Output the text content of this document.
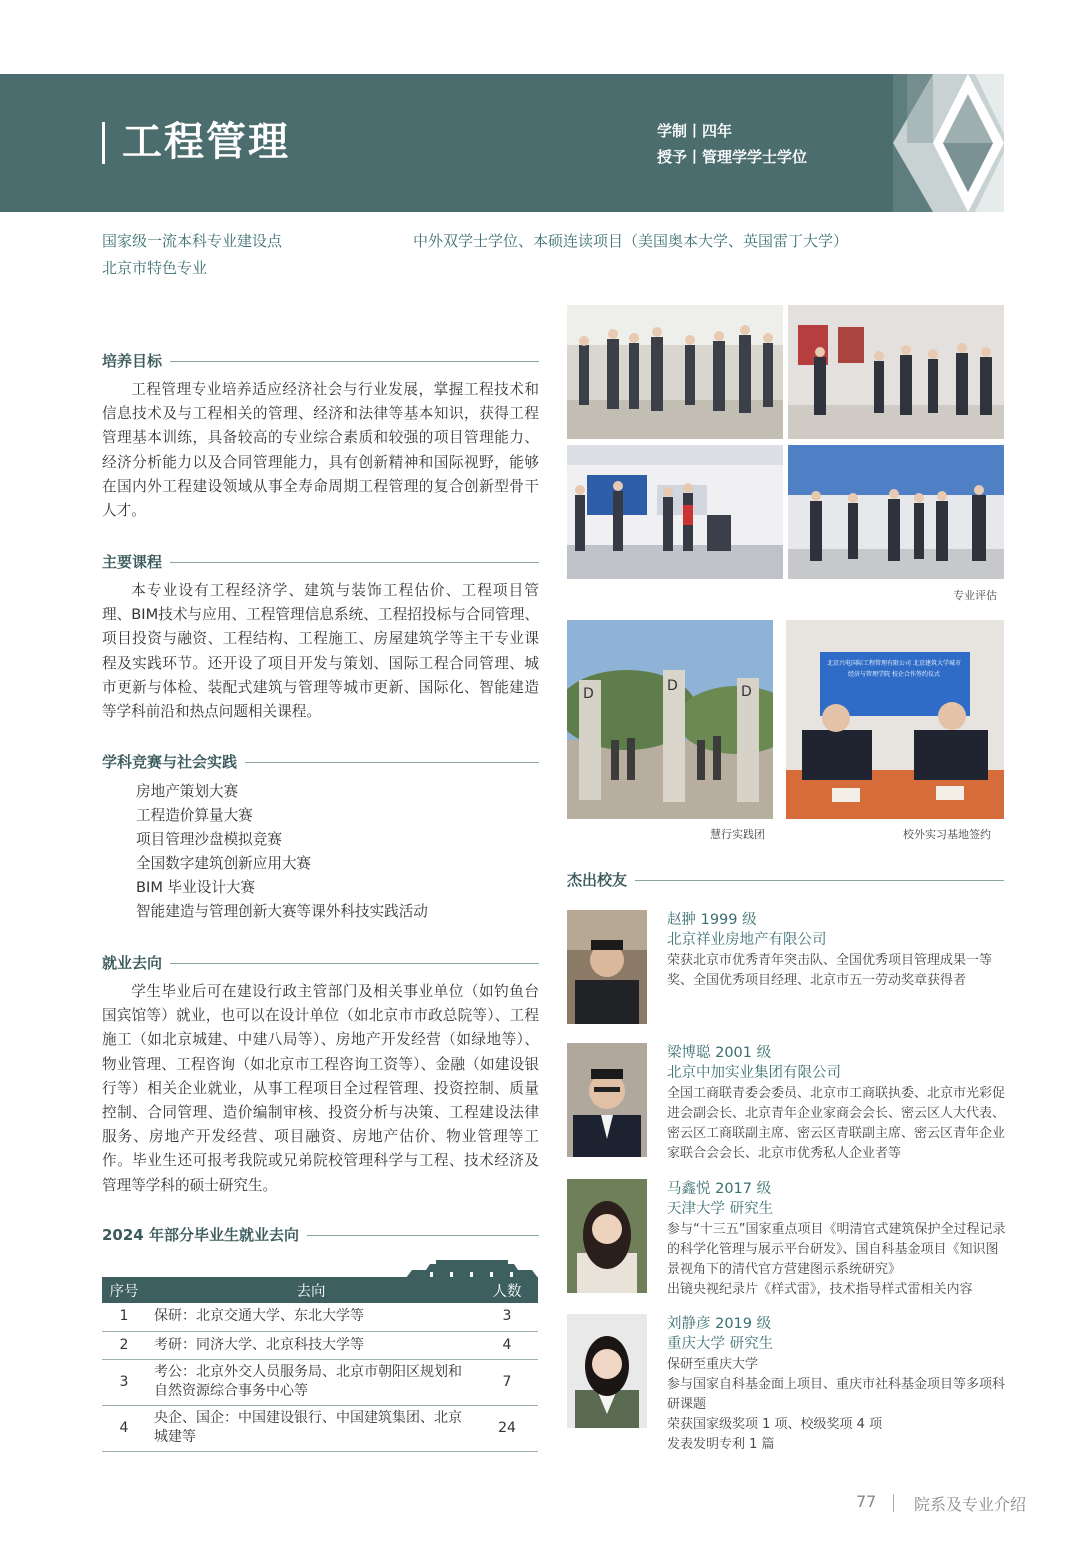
工程管理	学制丨四年
授予丨管理学学士学位
国家级一流本科专业建设点
北京市特色专业
中外双学士学位、本硕连读项目（美国奥本大学、英国雷丁大学）
培养目标

工程管理专业培养适应经济社会与行业发展，掌握工程技术和信息技术及与工程相关的管理、经济和法律等基本知识，获得工程管理基本训练，具备较高的专业综合素质和较强的项目管理能力、经济分析能力以及合同管理能力，具有创新精神和国际视野，能够在国内外工程建设领域从事全寿命周期工程管理的复合创新型骨干人才。

主要课程

本专业设有工程经济学、建筑与装饰工程估价、工程项目管理、BIM技术与应用、工程管理信息系统、工程招投标与合同管理、项目投资与融资、工程结构、工程施工、房屋建筑学等主干专业课程及实践环节。还开设了项目开发与策划、国际工程合同管理、城市更新与体检、装配式建筑与管理等城市更新、国际化、智能建造等学科前沿和热点问题相关课程。

学科竞赛与社会实践
房地产策划大赛
工程造价算量大赛
项目管理沙盘模拟竞赛
全国数字建筑创新应用大赛
BIM 毕业设计大赛
智能建造与管理创新大赛等课外科技实践活动
就业去向

学生毕业后可在建设行政主管部门及相关事业单位（如钓鱼台国宾馆等）就业，也可以在设计单位（如北京市市政总院等）、工程施工（如北京城建、中建八局等）、房地产开发经营（如绿地等）、物业管理、工程咨询（如北京市工程咨询工资等）、金融（如建设银行等）相关企业就业，从事工程项目全过程管理、投资控制、质量控制、合同管理、造价编制审核、投资分析与决策、工程建设法律服务、房地产开发经营、项目融资、房地产估价、物业管理等工作。毕业生还可报考我院或兄弟院校管理科学与工程、技术经济及管理等学科的硕士研究生。

2024 年部分毕业生就业去向
序号	去向	人数
1	保研：北京交通大学、东北大学等	3
2	考研：同济大学、北京科技大学等	4
3	考公：北京外交人员服务局、北京市朝阳区规划和自然资源综合事务中心等	7
4	央企、国企：中国建设银行、中国建筑集团、北京城建等	24
专业评估
D	D	D
北京兴电国际工程管理有限公司 北京建筑大学城市经济与管理学院 校企合作签约仪式
慧行实践团	校外实习基地签约
杰出校友
赵翀 1999 级
北京祥业房地产有限公司
荣获北京市优秀青年突击队、全国优秀项目管理成果一等奖、全国优秀项目经理、北京市五一劳动奖章获得者
梁博聪 2001 级
北京中加实业集团有限公司
全国工商联青委会委员、北京市工商联执委、北京市光彩促进会副会长、北京青年企业家商会会长、密云区人大代表、密云区工商联副主席、密云区青联副主席、密云区青年企业家联合会会长、北京市优秀私人企业者等
马鑫悦 2017 级
天津大学 研究生
参与“十三五”国家重点项目《明清官式建筑保护全过程记录的科学化管理与展示平台研发》、国自科基金项目《知识图景视角下的清代官方营建图示系统研究》
出镜央视纪录片《样式雷》，技术指导样式雷相关内容
刘静彦 2019 级
重庆大学 研究生
保研至重庆大学
参与国家自科基金面上项目、重庆市社科基金项目等多项科研课题
荣获国家级奖项 1 项、校级奖项 4 项
发表发明专利 1 篇
77 院系及专业介绍
